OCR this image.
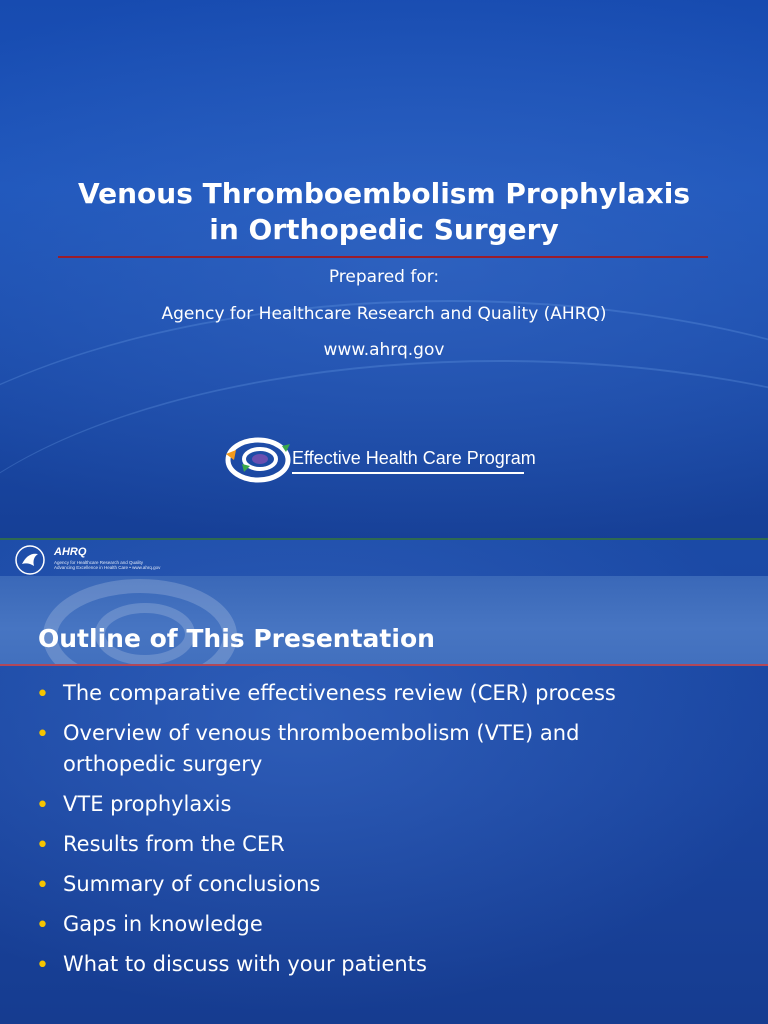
Venous Thromboembolism Prophylaxis
in Orthopedic Surgery

Prepared for:

Agency for Healthcare Research and Quality (AHRQ)

www.ahrq.gov

Effective Health Care Program
AHRQ
Agency for Healthcare Research and Quality
Advancing Excellence in Health Care • www.ahrq.gov
Outline of This Presentation
• The comparative effectiveness review (CER) process
• Overview of venous thromboembolism (VTE) and orthopedic surgery
• VTE prophylaxis
• Results from the CER
• Summary of conclusions
• Gaps in knowledge
• What to discuss with your patients
